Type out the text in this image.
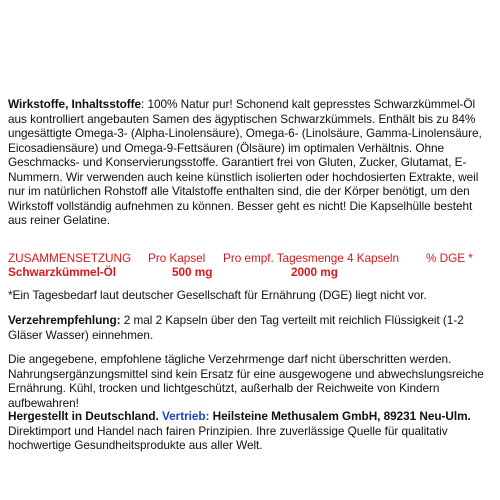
Wirkstoffe, Inhaltsstoffe: 100% Natur pur! Schonend kalt gepresstes Schwarzkümmel-Öl aus kontrolliert angebauten Samen des ägyptischen Schwarzkümmels. Enthält bis zu 84% ungesättigte Omega-3- (Alpha-Linolensäure), Omega-6- (Linolsäure, Gamma-Linolensäure, Eicosadiensäure) und Omega-9-Fettsäuren (Ölsäure) im optimalen Verhältnis. Ohne Geschmacks- und Konservierungsstoffe. Garantiert frei von Gluten, Zucker, Glutamat, E-Nummern. Wir verwenden auch keine künstlich isolierten oder hochdosierten Extrakte, weil nur im natürlichen Rohstoff alle Vitalstoffe enthalten sind, die der Körper benötigt, um den Wirkstoff vollständig aufnehmen zu können. Besser geht es nicht! Die Kapselhülle besteht aus reiner Gelatine.
ZUSAMMENSETZUNG Pro Kapsel Pro empf. Tagesmenge 4 Kapseln % DGE *
Schwarzkümmel-Öl	500 mg	2000 mg
*Ein Tagesbedarf laut deutscher Gesellschaft für Ernährung (DGE) liegt nicht vor.
Verzehrempfehlung: 2 mal 2 Kapseln über den Tag verteilt mit reichlich Flüssigkeit (1-2 Gläser Wasser) einnehmen.
Die angegebene, empfohlene tägliche Verzehrmenge darf nicht überschritten werden. Nahrungsergänzungsmittel sind kein Ersatz für eine ausgewogene und abwechslungsreiche Ernährung. Kühl, trocken und lichtgeschützt, außerhalb der Reichweite von Kindern aufbewahren!
Hergestellt in Deutschland. Vertrieb: Heilsteine Methusalem GmbH, 89231 Neu-Ulm. Direktimport und Handel nach fairen Prinzipien. Ihre zuverlässige Quelle für qualitativ hochwertige Gesundheitsprodukte aus aller Welt.
